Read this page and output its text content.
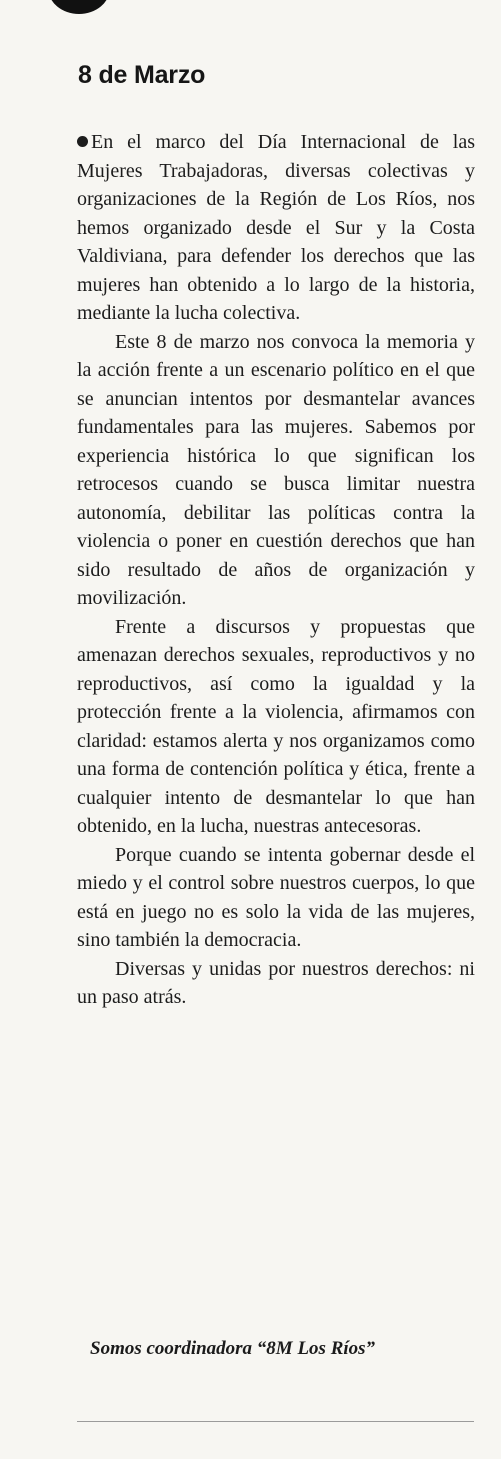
8 de Marzo

En el marco del Día Internacional de las Mujeres Trabajadoras, diversas colectivas y organizaciones de la Región de Los Ríos, nos hemos organizado desde el Sur y la Costa Valdiviana, para defender los derechos que las mujeres han obtenido a lo largo de la historia, mediante la lucha colectiva.

Este 8 de marzo nos convoca la memoria y la acción frente a un escenario político en el que se anuncian intentos por desmantelar avances fundamentales para las mujeres. Sabemos por experiencia histórica lo que significan los retrocesos cuando se busca limitar nuestra autonomía, debilitar las políticas contra la violencia o poner en cuestión derechos que han sido resultado de años de organización y movilización.

Frente a discursos y propuestas que amenazan derechos sexuales, reproductivos y no reproductivos, así como la igualdad y la protección frente a la violencia, afirmamos con claridad: estamos alerta y nos organizamos como una forma de contención política y ética, frente a cualquier intento de desmantelar lo que han obtenido, en la lucha, nuestras antecesoras.

Porque cuando se intenta gobernar desde el miedo y el control sobre nuestros cuerpos, lo que está en juego no es solo la vida de las mujeres, sino también la democracia.

Diversas y unidas por nuestros derechos: ni un paso atrás.

Somos coordinadora “8M Los Ríos”
